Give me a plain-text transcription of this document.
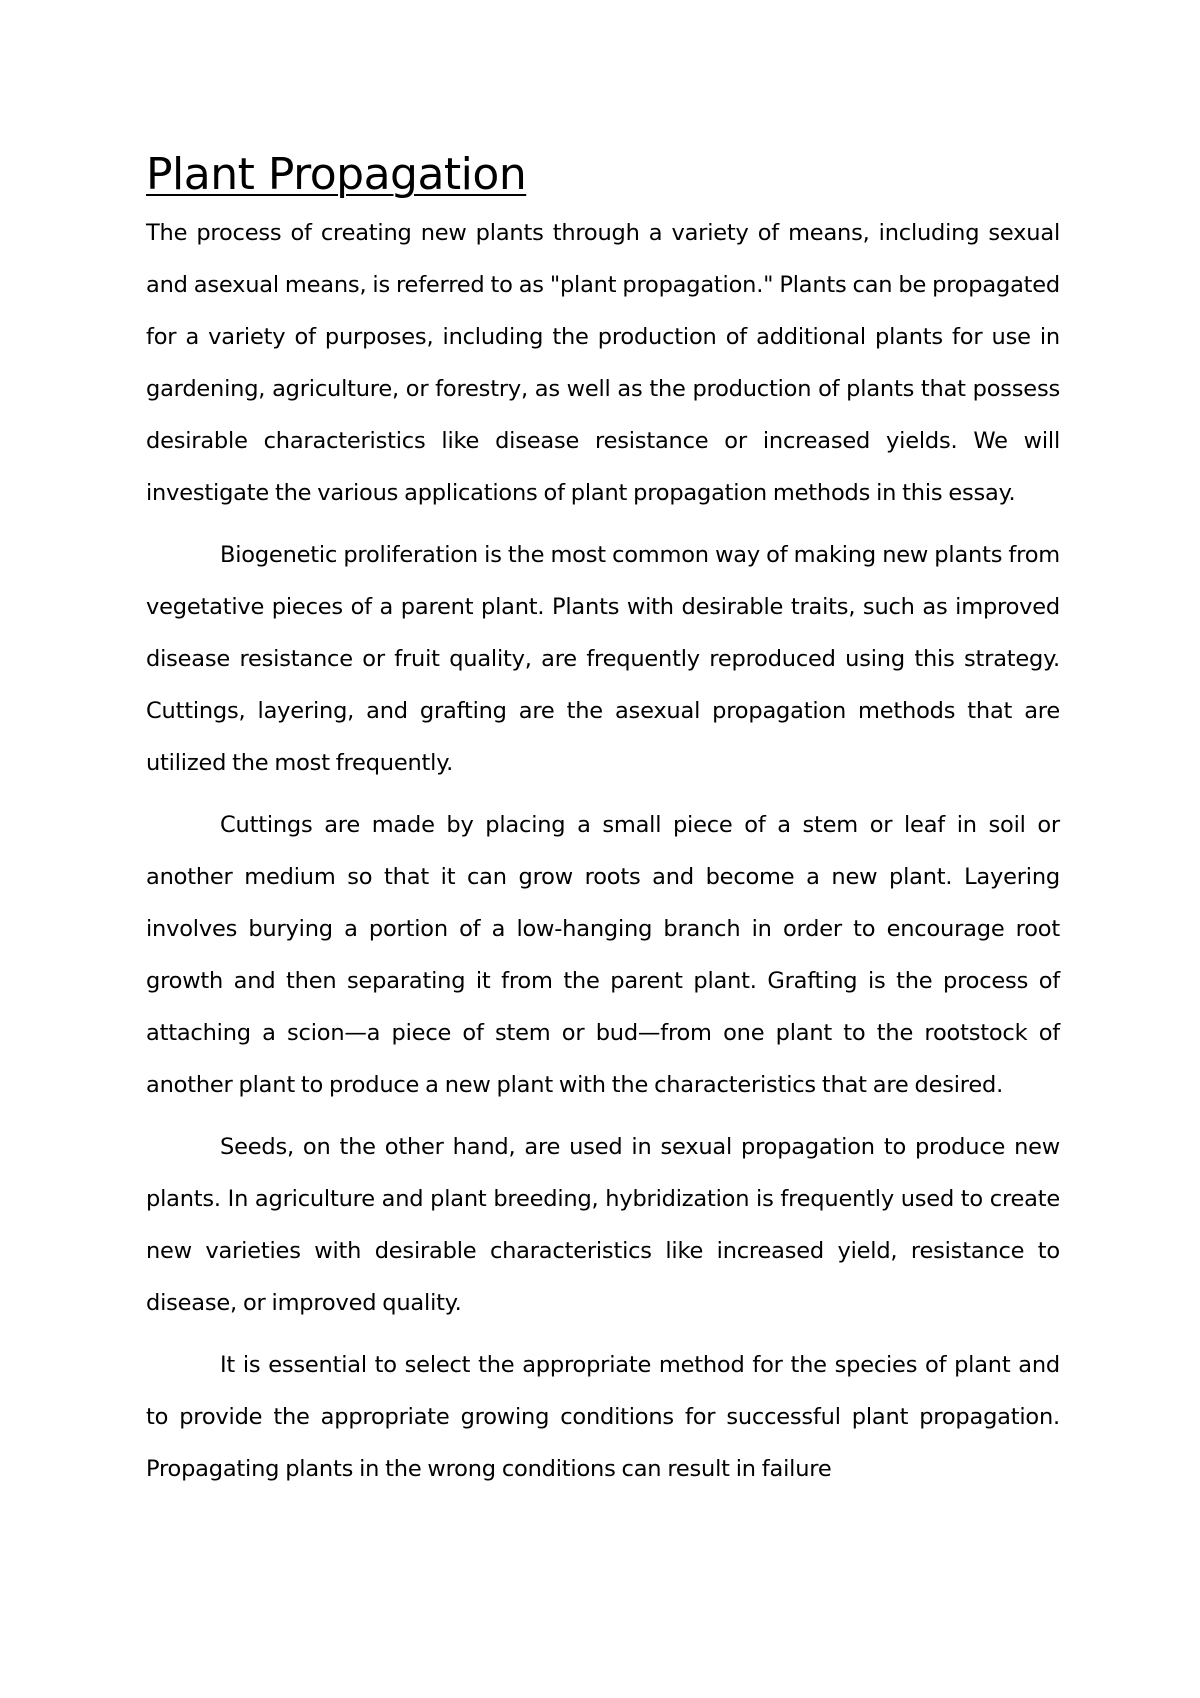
Plant Propagation

The process of creating new plants through a variety of means, including sexual and asexual means, is referred to as "plant propagation." Plants can be propagated for a variety of purposes, including the production of additional plants for use in gardening, agriculture, or forestry, as well as the production of plants that possess desirable characteristics like disease resistance or increased yields. We will investigate the various applications of plant propagation methods in this essay.

Biogenetic proliferation is the most common way of making new plants from vegetative pieces of a parent plant. Plants with desirable traits, such as improved disease resistance or fruit quality, are frequently reproduced using this strategy. Cuttings, layering, and grafting are the asexual propagation methods that are utilized the most frequently.

Cuttings are made by placing a small piece of a stem or leaf in soil or another medium so that it can grow roots and become a new plant. Layering involves burying a portion of a low-hanging branch in order to encourage root growth and then separating it from the parent plant. Grafting is the process of attaching a scion—a piece of stem or bud—from one plant to the rootstock of another plant to produce a new plant with the characteristics that are desired.

Seeds, on the other hand, are used in sexual propagation to produce new plants. In agriculture and plant breeding, hybridization is frequently used to create new varieties with desirable characteristics like increased yield, resistance to disease, or improved quality.

It is essential to select the appropriate method for the species of plant and to provide the appropriate growing conditions for successful plant propagation. Propagating plants in the wrong conditions can result in failure
